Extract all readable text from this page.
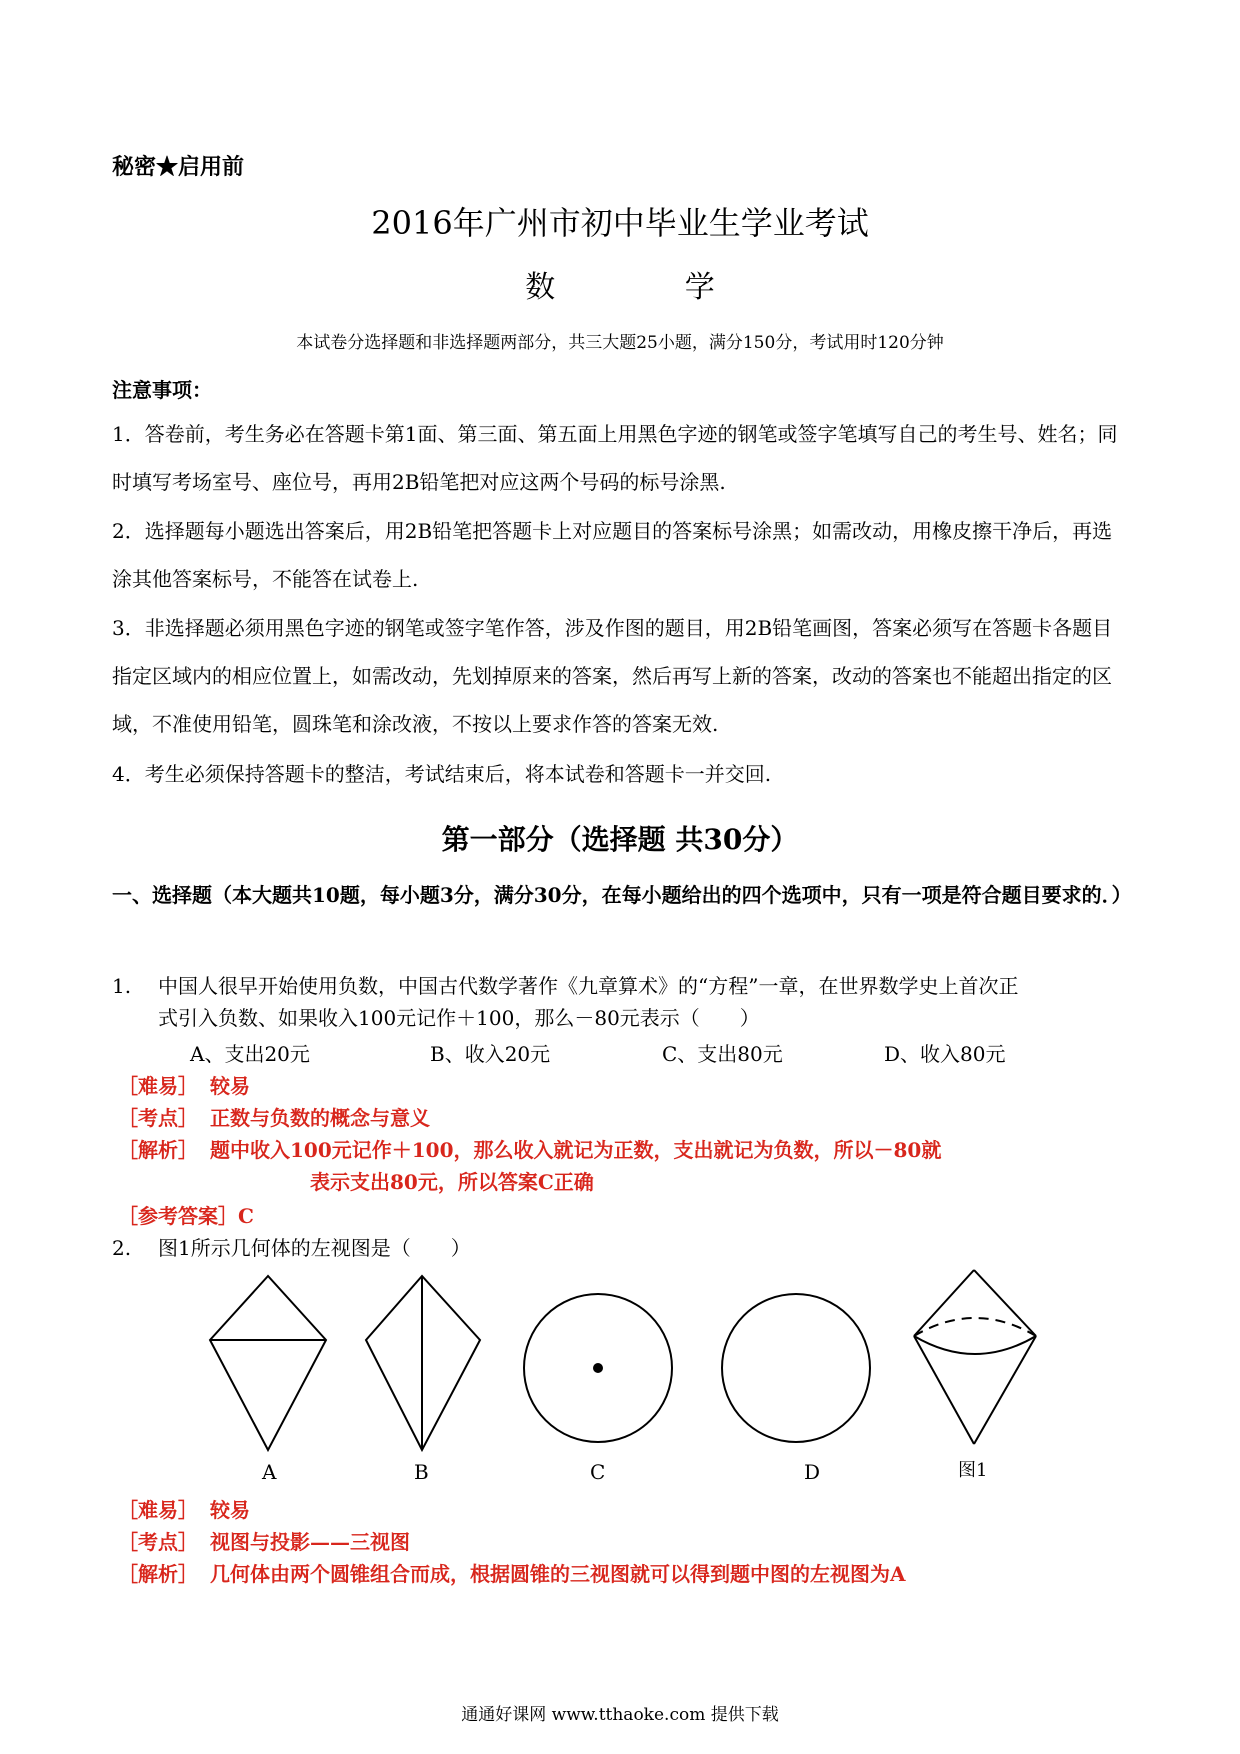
秘密★启用前
2016年广州市初中毕业生学业考试
数 学
本试卷分选择题和非选择题两部分，共三大题25小题，满分150分，考试用时120分钟
注意事项：
1．答卷前，考生务必在答题卡第1面、第三面、第五面上用黑色字迹的钢笔或签字笔填写自己的考生号、姓名；同时填写考场室号、座位号，再用2B铅笔把对应这两个号码的标号涂黑.
2．选择题每小题选出答案后，用2B铅笔把答题卡上对应题目的答案标号涂黑；如需改动，用橡皮擦干净后，再选涂其他答案标号，不能答在试卷上.
3．非选择题必须用黑色字迹的钢笔或签字笔作答，涉及作图的题目，用2B铅笔画图，答案必须写在答题卡各题目指定区域内的相应位置上，如需改动，先划掉原来的答案，然后再写上新的答案，改动的答案也不能超出指定的区域，不准使用铅笔，圆珠笔和涂改液，不按以上要求作答的答案无效.
4．考生必须保持答题卡的整洁，考试结束后，将本试卷和答题卡一并交回.
第一部分（选择题 共30分）
一、选择题（本大题共10题，每小题3分，满分30分，在每小题给出的四个选项中，只有一项是符合题目要求的．）
1. 中国人很早开始使用负数，中国古代数学著作《九章算术》的“方程”一章，在世界数学史上首次正
式引入负数、如果收入100元记作＋100，那么－80元表示（　　）
A、支出20元	B、收入20元	C、支出80元	D、收入80元
［难易］ 较易
［考点］ 正数与负数的概念与意义
［解析］ 题中收入100元记作＋100，那么收入就记为正数，支出就记为负数，所以－80就
表示支出80元，所以答案C正确
［参考答案］C
2. 图1所示几何体的左视图是（　　）
A	B	C	D	图1
［难易］ 较易
［考点］ 视图与投影——三视图
［解析］ 几何体由两个圆锥组合而成，根据圆锥的三视图就可以得到题中图的左视图为A
通通好课网 www.tthaoke.com 提供下载
